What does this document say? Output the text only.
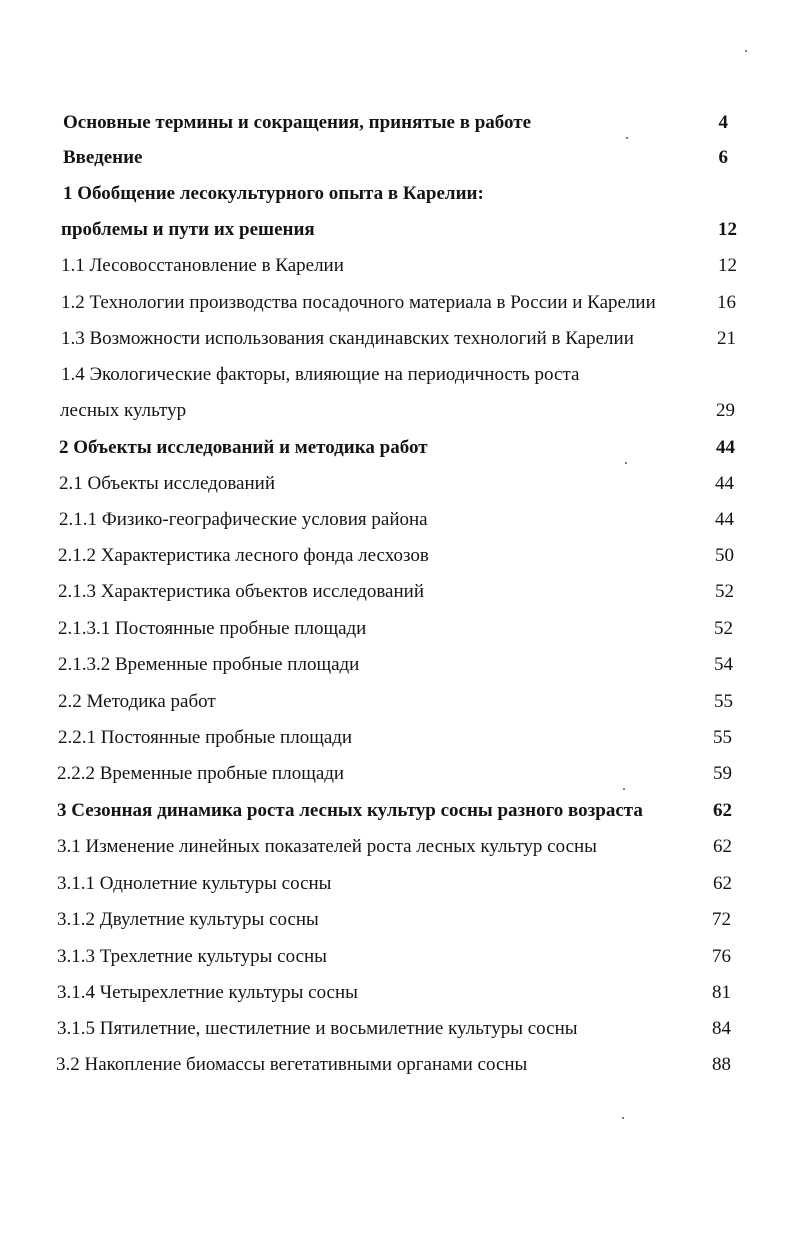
Основные термины и сокращения, принятые в работе	4
Введение	6
1 Обобщение лесокультурного опыта в Карелии:
проблемы и пути их решения	12
1.1 Лесовосстановление в Карелии	12
1.2 Технологии производства посадочного материала в России и Карелии	16
1.3 Возможности использования скандинавских технологий в Карелии	21
1.4 Экологические факторы, влияющие на периодичность роста
лесных культур	29
2 Объекты исследований и методика работ	44
2.1 Объекты исследований	44
2.1.1 Физико-географические условия района	44
2.1.2 Характеристика лесного фонда лесхозов	50
2.1.3 Характеристика объектов исследований	52
2.1.3.1 Постоянные пробные площади	52
2.1.3.2 Временные пробные площади	54
2.2 Методика работ	55
2.2.1 Постоянные пробные площади	55
2.2.2 Временные пробные площади	59
3 Сезонная динамика роста лесных культур сосны разного возраста	62
3.1 Изменение линейных показателей роста лесных культур сосны	62
3.1.1 Однолетние культуры сосны	62
3.1.2 Двулетние культуры сосны	72
3.1.3 Трехлетние культуры сосны	76
3.1.4 Четырехлетние культуры сосны	81
3.1.5 Пятилетние, шестилетние и восьмилетние культуры сосны	84
3.2 Накопление биомассы вегетативными органами сосны	88
